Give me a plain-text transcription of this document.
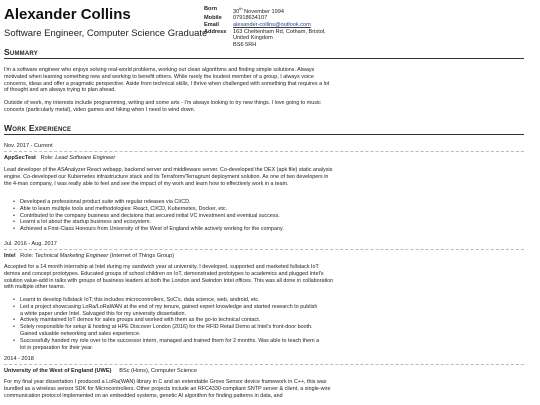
Alexander Collins
Software Engineer, Computer Science Graduate
Born	30th November 1994
Mobile	07918634107
Email	alexander-collins@outlook.com
Address	163 Cheltenham Rd, Cotham, Bristol,
United Kingdom
BS6 5RH
Summary
I'm a software engineer who enjoys solving real-world problems, working out clean algorithms and finding simple solutions. Always motivated when learning something new and working to benefit others. While rarely the loudest member of a group, I always voice concerns, ideas and offer a pragmatic perspective. Aside from technical skills, I thrive when challenged with something that requires a lot of thought and am always trying to plan ahead.
Outside of work, my interests include programming, writing and some arts - I'm always looking to try new things. I love going to music concerts (particularly metal), video games and hiking when I need to wind down.
Work Experience
Nov. 2017 - Current
AppSecTest Role: Lead Software Engineer
Lead developer of the ASAnalyzer React webapp, backend server and middleware server. Co-developed the DEX (apk file) static analysis engine. Co-developed our Kubernetes infrastructure stack and its Terraform/Terragrunt deployment solution. As one of two developers in the 4-man company, I was really able to feel and see the impact of my work and learn how to effectively work in a team.
• Developed a professional product suite with regular releases via CI/CD.
• Able to learn multiple tools and methodologies: React, CI/CD, Kubernetes, Docker, etc.
• Contributed to the company business and decisions that secured initial VC investment and eventual success.
• Learnt a lot about the startup business and ecosystem.
• Achieved a First-Class Honours from University of the West of England while actively working for the company.
Jul. 2016 - Aug. 2017
Intel Role: Technical Marketing Engineer (Internet of Things Group)
Accepted for a 14 month internship at Intel during my sandwich year at university, I developed, supported and marketed fullstack IoT demos and concept prototypes. Educated groups of school children on IoT, demonstrated prototypes to academics and plugged Intel's solution value-add in talks with groups of business leaders at both the London and Swindon Intel offices. This was all done in collaboration with multiple other teams.
• Learnt to develop fullstack IoT; this includes microcontrollers, SoC's, data science, web, android, etc.
• Led a project showcasing LoRa/LoRaWAN at the end of my tenure, gained expert knowledge and started research to publish a white paper under Intel. Salvaged this for my university dissertation.
• Actively maintained IoT demos for sales groups and worked with them as the go-to technical contact.
• Solely responsible for setup & hosting at HPE Discover London (2016) for the RFID Retail Demo at Intel's front-door booth. Gained valuable networking and sales experience.
• Successfully handed my role over to the successor intern, managed and trained them for 2 months. Was able to teach them a lot in preparation for their year.
2014 - 2018
University of the West of England (UWE) BSc (Hons), Computer Science
For my final year dissertation I produced a LoRa(WAN) library in C and an extendable Grove Sensor device framework in C++, this was bundled as a wireless sensor SDK for Microcontrollers. Other projects include an RFC4330-compliant SNTP server & client, a single-wire communication protocol implemented on an embedded systems, genetic AI algorithm for finding patterns in data, and
